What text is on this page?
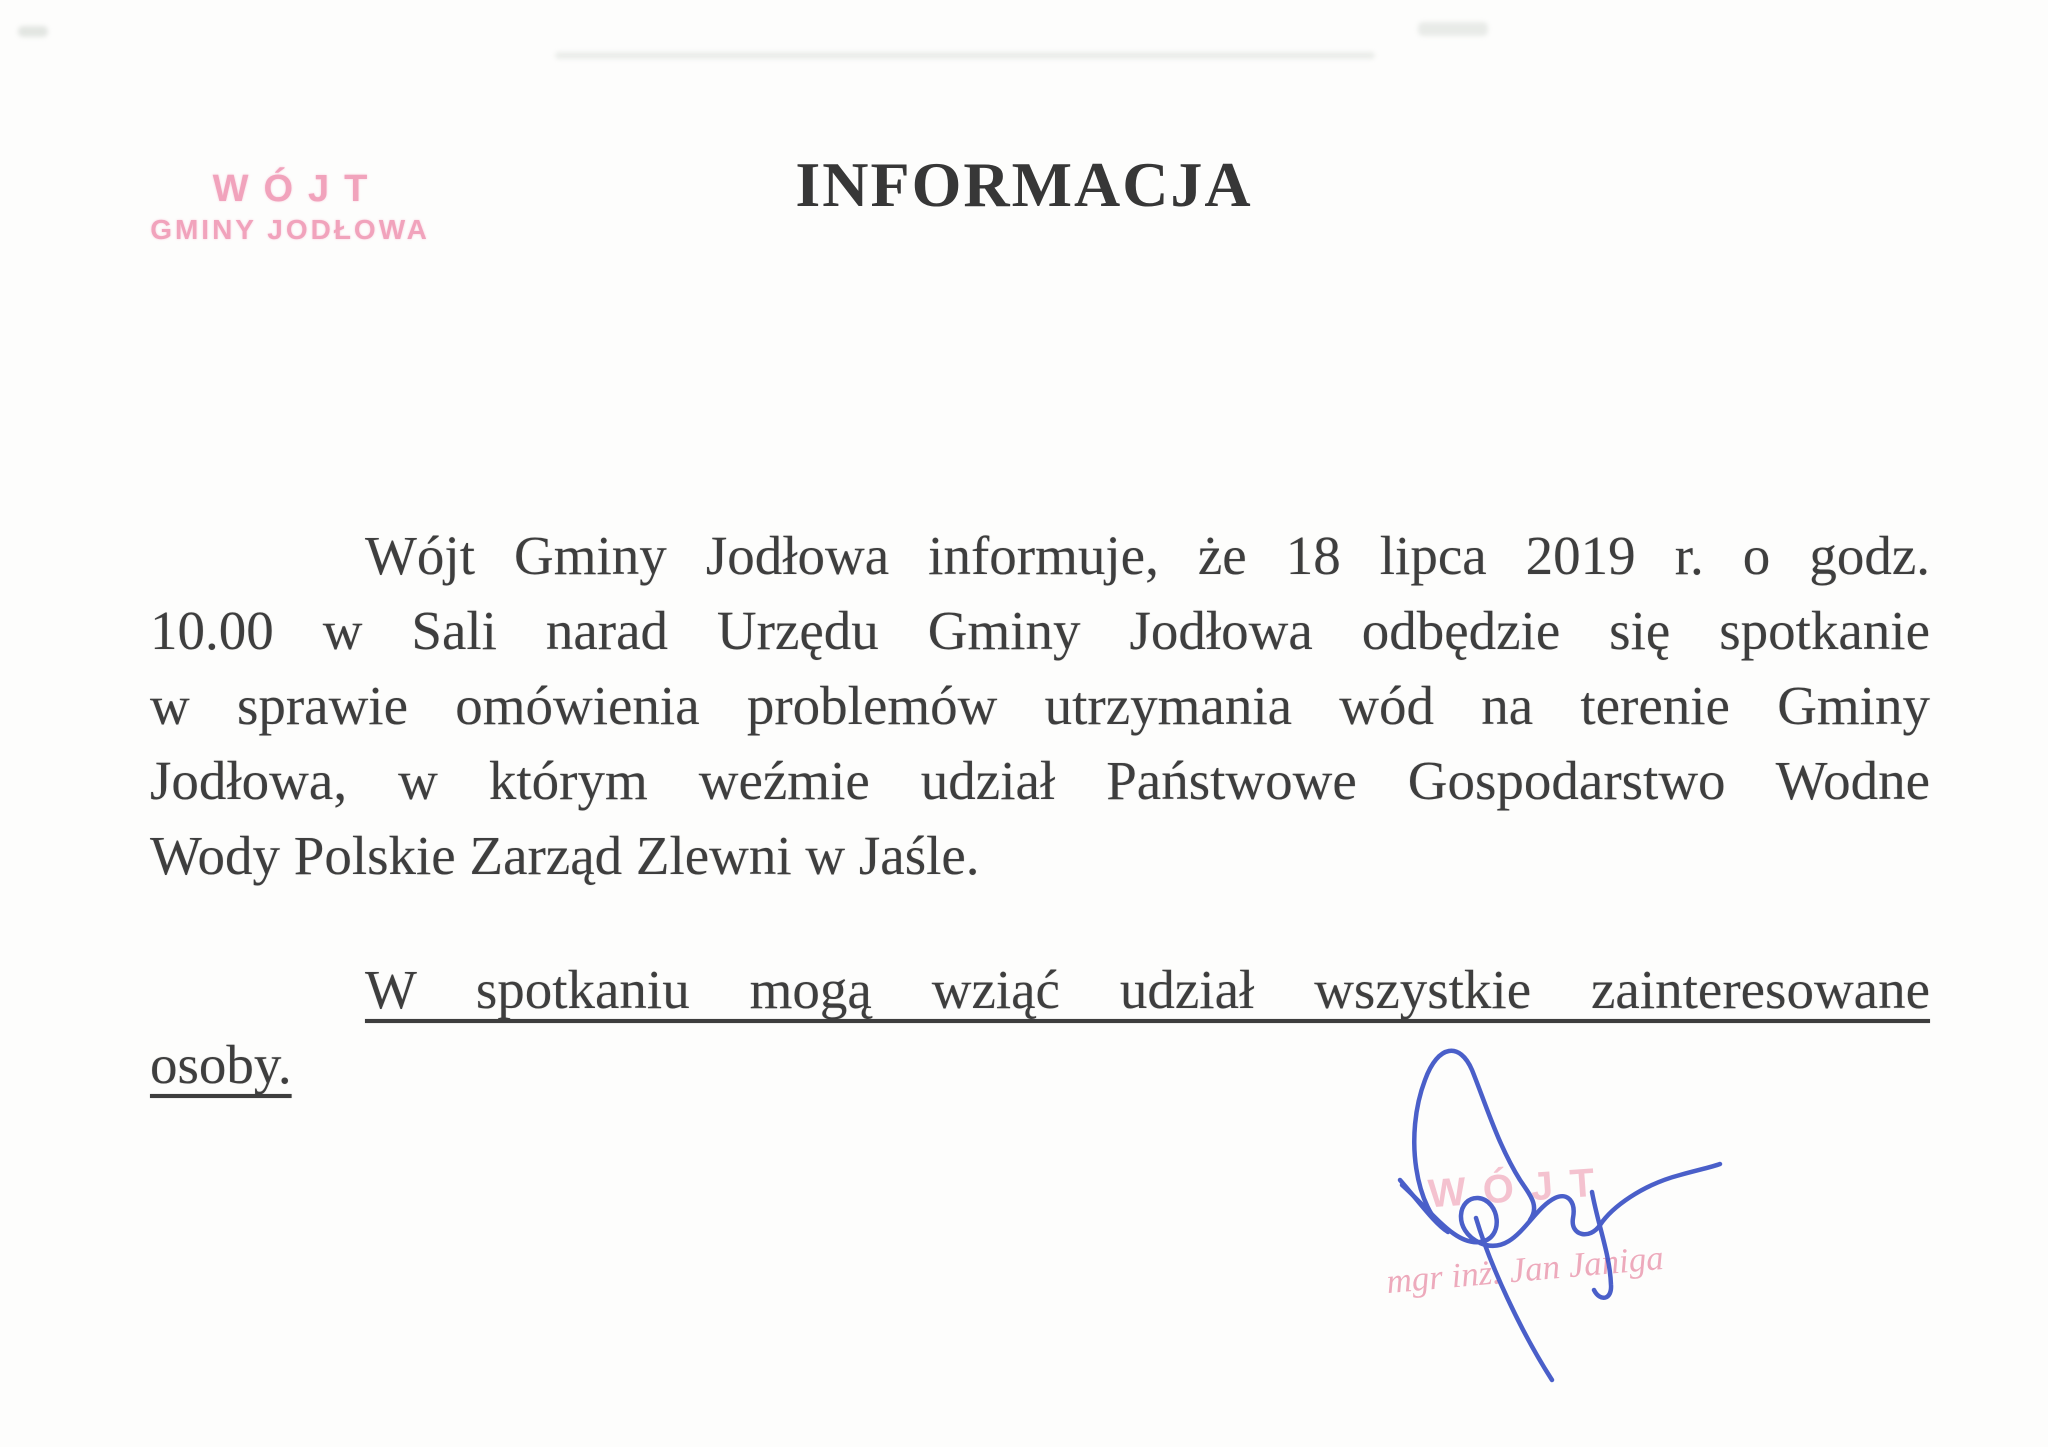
WÓJT
GMINY JODŁOWA
INFORMACJA
Wójt Gminy Jodłowa informuje, że 18 lipca 2019 r. o godz.
10.00 w Sali narad Urzędu Gminy Jodłowa odbędzie się spotkanie
w sprawie omówienia problemów utrzymania wód na terenie Gminy
Jodłowa, w którym weźmie udział Państwowe Gospodarstwo Wodne
Wody Polskie Zarząd Zlewni w Jaśle.
W spotkaniu mogą wziąć udział wszystkie zainteresowane
osoby.
WÓJT
mgr inż. Jan Janiga
